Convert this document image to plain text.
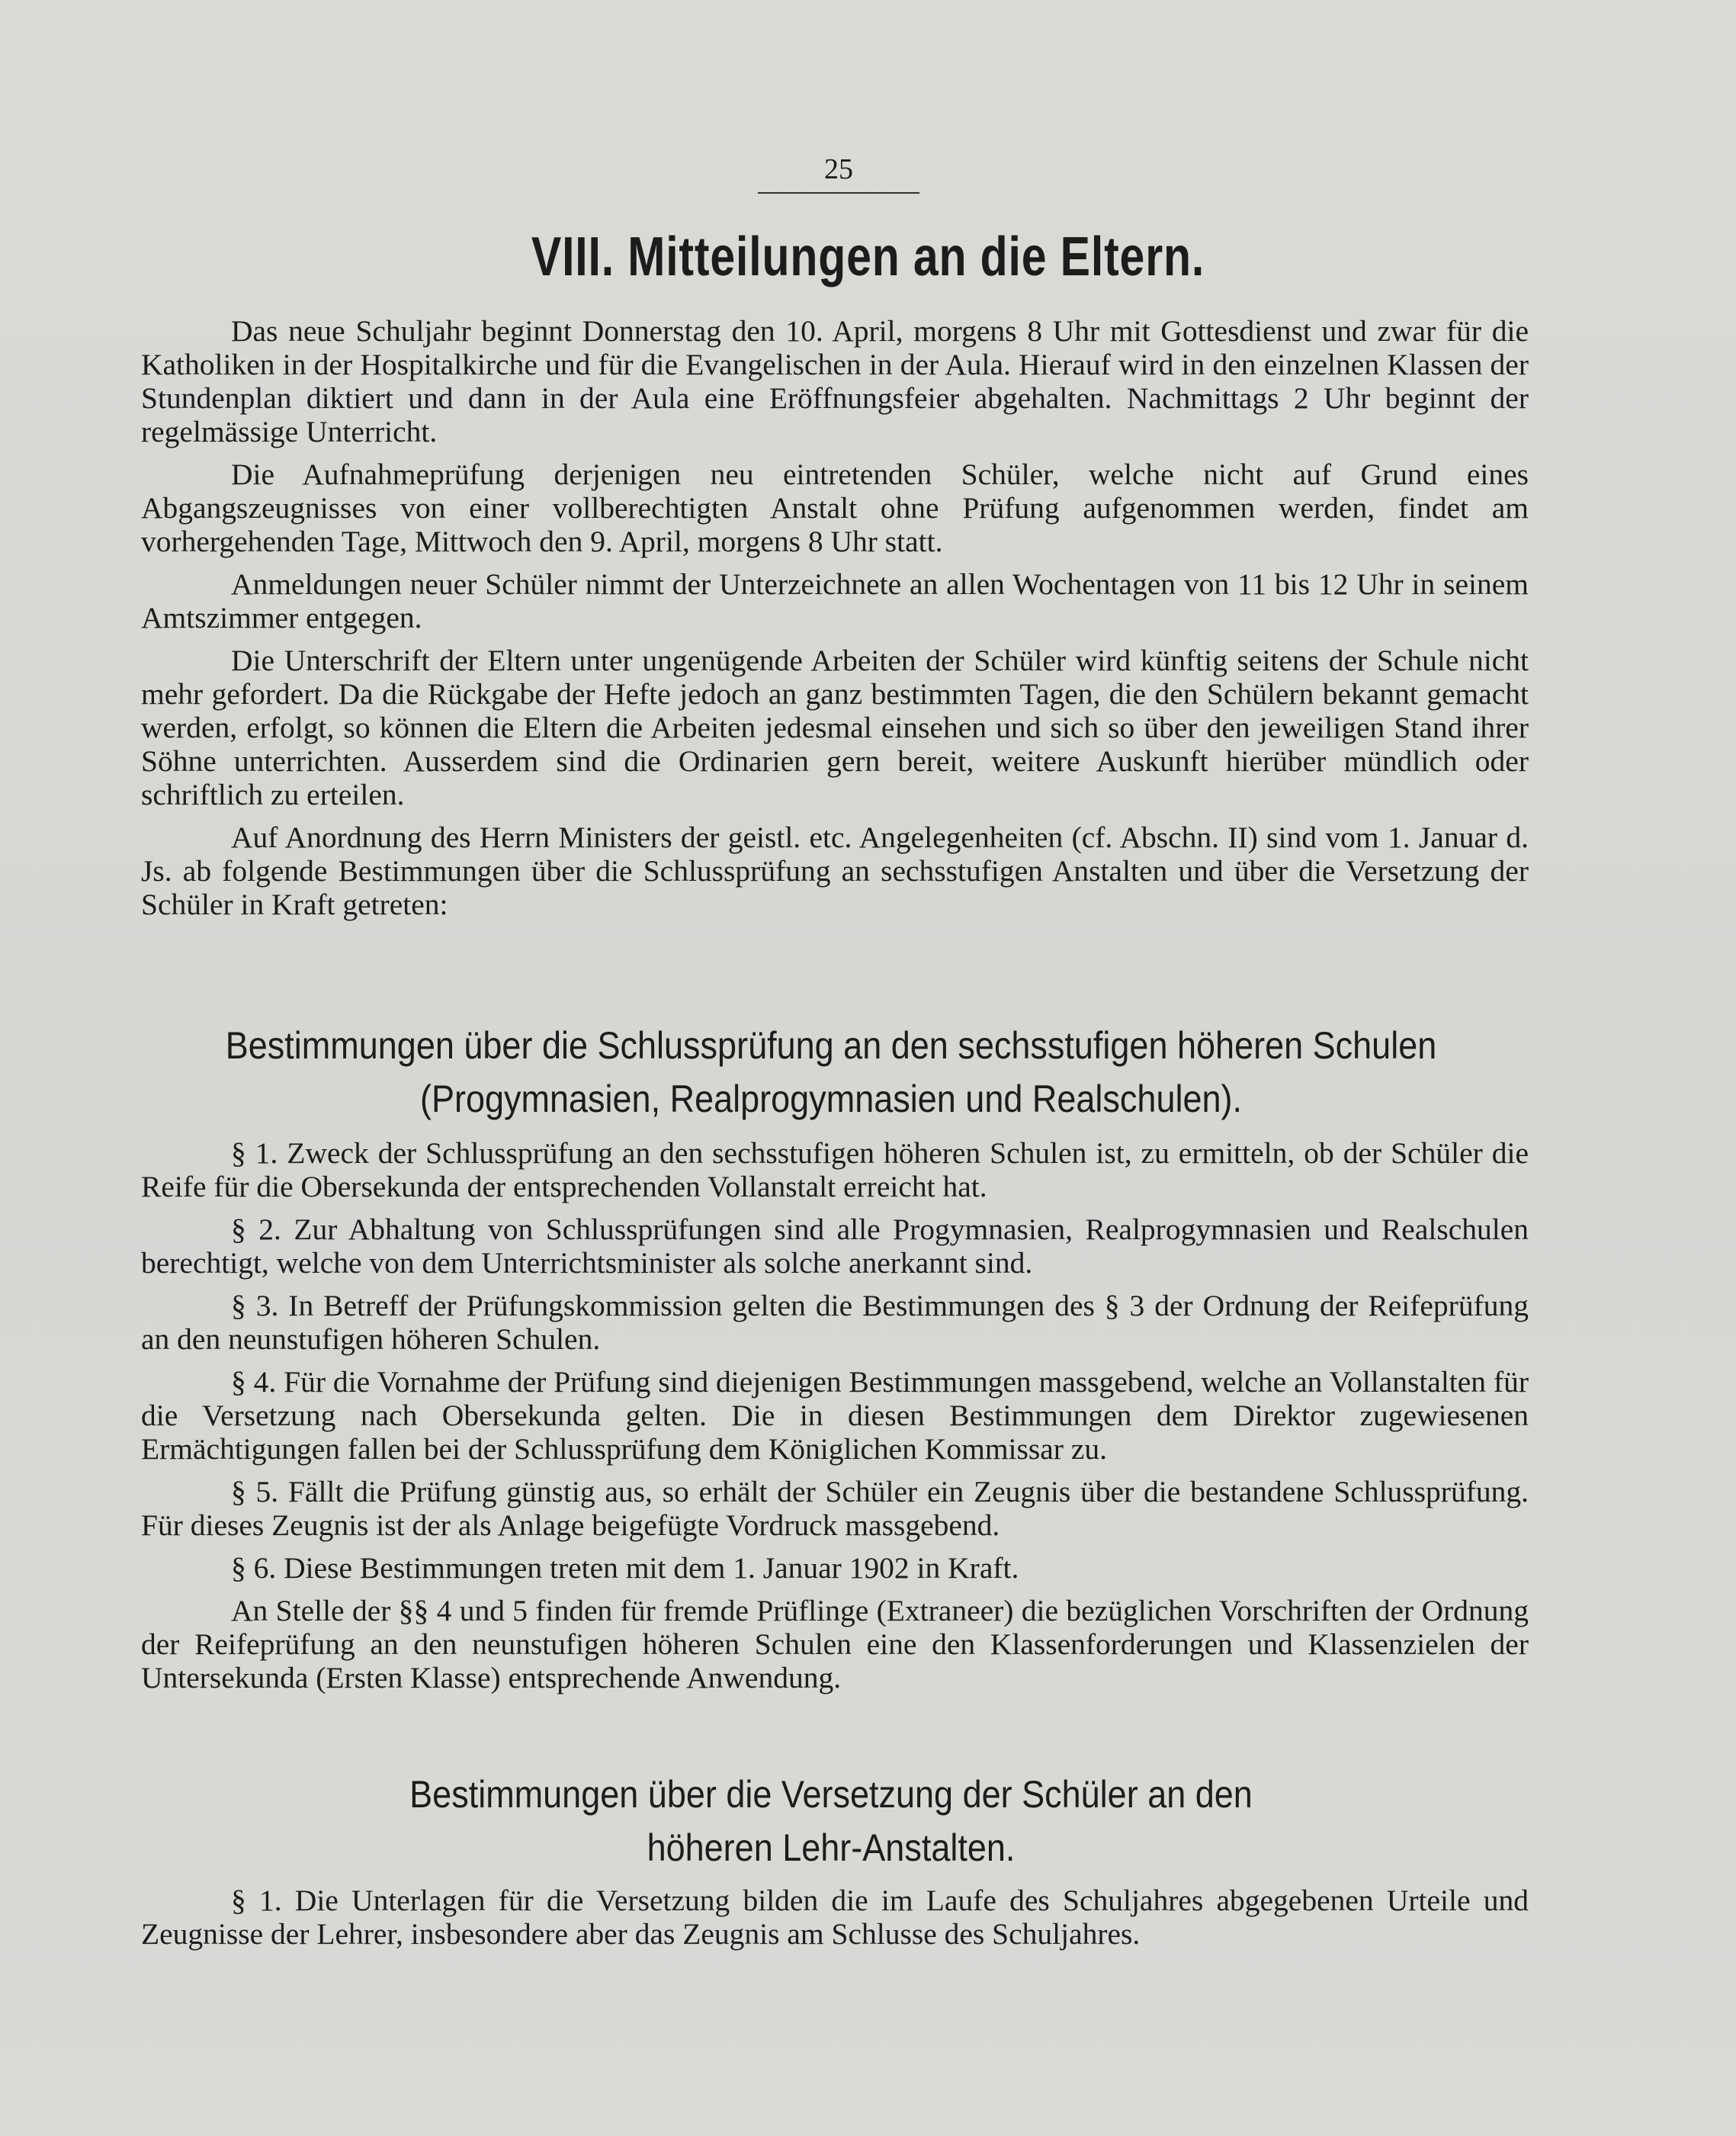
25
VIII. Mitteilungen an die Eltern.

Das neue Schuljahr beginnt Donnerstag den 10. April, morgens 8 Uhr mit Gottesdienst und zwar für die Katholiken in der Hospitalkirche und für die Evangelischen in der Aula. Hierauf wird in den einzelnen Klassen der Stundenplan diktiert und dann in der Aula eine Eröffnungsfeier abgehalten. Nachmittags 2 Uhr beginnt der regelmässige Unterricht.

Die Aufnahmeprüfung derjenigen neu eintretenden Schüler, welche nicht auf Grund eines Abgangszeugnisses von einer vollberechtigten Anstalt ohne Prüfung aufgenommen werden, findet am vorhergehenden Tage, Mittwoch den 9. April, morgens 8 Uhr statt.

Anmeldungen neuer Schüler nimmt der Unterzeichnete an allen Wochentagen von 11 bis 12 Uhr in seinem Amtszimmer entgegen.

Die Unterschrift der Eltern unter ungenügende Arbeiten der Schüler wird künftig seitens der Schule nicht mehr gefordert. Da die Rückgabe der Hefte jedoch an ganz bestimmten Tagen, die den Schülern bekannt gemacht werden, erfolgt, so können die Eltern die Arbeiten jedesmal einsehen und sich so über den jeweiligen Stand ihrer Söhne unterrichten. Ausserdem sind die Ordinarien gern bereit, weitere Auskunft hierüber mündlich oder schriftlich zu erteilen.

Auf Anordnung des Herrn Ministers der geistl. etc. Angelegenheiten (cf. Abschn. II) sind vom 1. Januar d. Js. ab folgende Bestimmungen über die Schlussprüfung an sechsstufigen Anstalten und über die Versetzung der Schüler in Kraft getreten:

Bestimmungen über die Schlussprüfung an den sechsstufigen höheren Schulen
(Progymnasien, Realprogymnasien und Realschulen).

§ 1. Zweck der Schlussprüfung an den sechsstufigen höheren Schulen ist, zu ermitteln, ob der Schüler die Reife für die Obersekunda der entsprechenden Vollanstalt erreicht hat.

§ 2. Zur Abhaltung von Schlussprüfungen sind alle Progymnasien, Realprogymnasien und Realschulen berechtigt, welche von dem Unterrichtsminister als solche anerkannt sind.

§ 3. In Betreff der Prüfungskommission gelten die Bestimmungen des § 3 der Ordnung der Reifeprüfung an den neunstufigen höheren Schulen.

§ 4. Für die Vornahme der Prüfung sind diejenigen Bestimmungen massgebend, welche an Vollanstalten für die Versetzung nach Obersekunda gelten. Die in diesen Bestimmungen dem Direktor zugewiesenen Ermächtigungen fallen bei der Schlussprüfung dem Königlichen Kommissar zu.

§ 5. Fällt die Prüfung günstig aus, so erhält der Schüler ein Zeugnis über die bestandene Schlussprüfung. Für dieses Zeugnis ist der als Anlage beigefügte Vordruck massgebend.

§ 6. Diese Bestimmungen treten mit dem 1. Januar 1902 in Kraft.

An Stelle der §§ 4 und 5 finden für fremde Prüflinge (Extraneer) die bezüglichen Vorschriften der Ordnung der Reifeprüfung an den neunstufigen höheren Schulen eine den Klassenforderungen und Klassenzielen der Untersekunda (Ersten Klasse) entsprechende Anwendung.

Bestimmungen über die Versetzung der Schüler an den
höheren Lehr-Anstalten.

§ 1. Die Unterlagen für die Versetzung bilden die im Laufe des Schuljahres abgegebenen Urteile und Zeugnisse der Lehrer, insbesondere aber das Zeugnis am Schlusse des Schuljahres.
